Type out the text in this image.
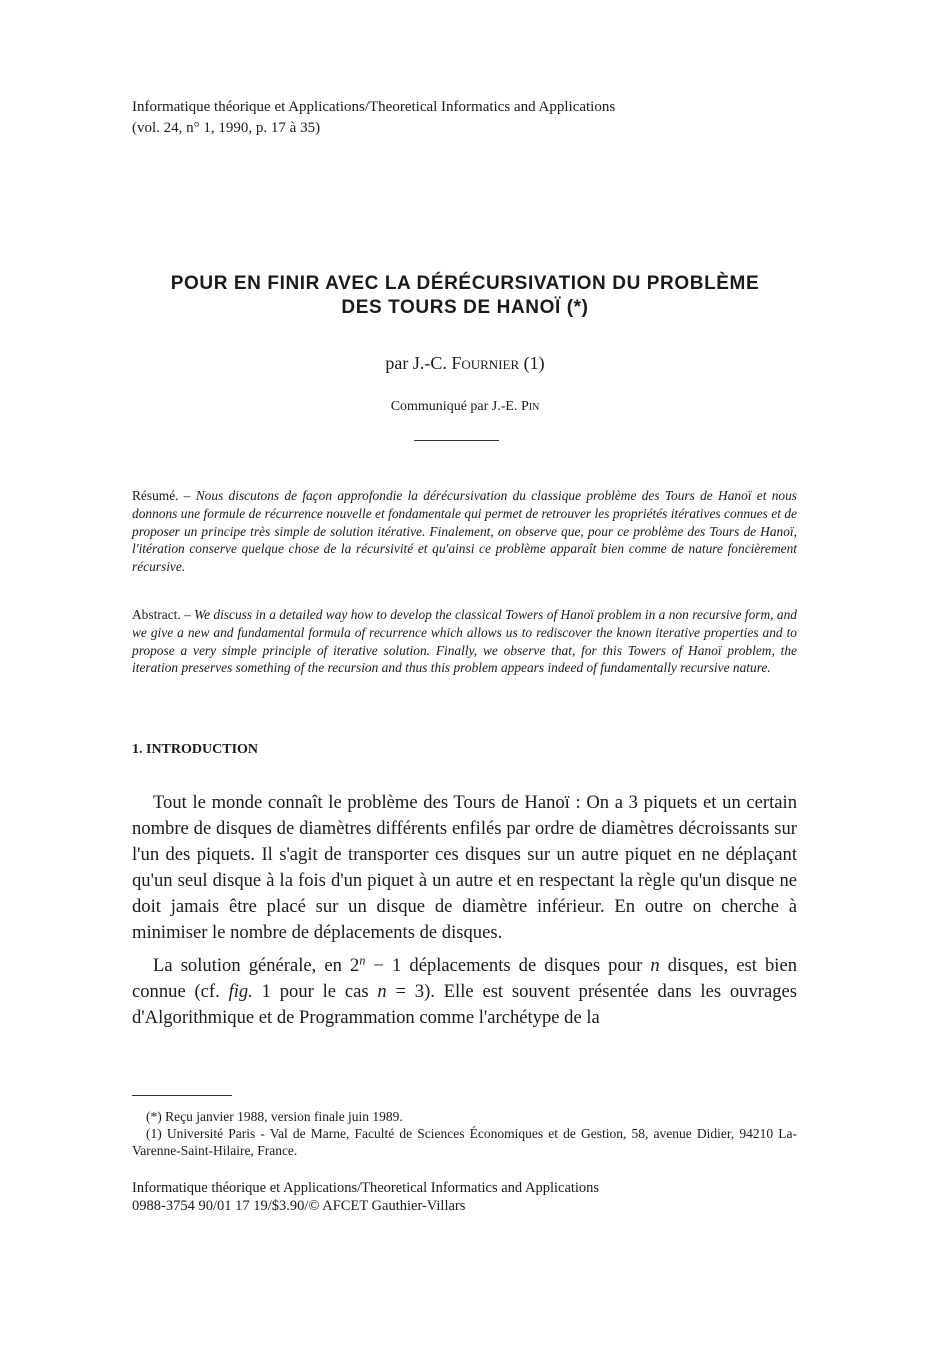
Informatique théorique et Applications/Theoretical Informatics and Applications
(vol. 24, n° 1, 1990, p. 17 à 35)
POUR EN FINIR AVEC LA DÉRÉCURSIVATION DU PROBLÈME
DES TOURS DE HANOÏ (*)
par J.-C. Fournier (1)
Communiqué par J.-E. Pin
Résumé. – Nous discutons de façon approfondie la dérécursivation du classique problème des Tours de Hanoï et nous donnons une formule de récurrence nouvelle et fondamentale qui permet de retrouver les propriétés itératives connues et de proposer un principe très simple de solution itérative. Finalement, on observe que, pour ce problème des Tours de Hanoï, l'itération conserve quelque chose de la récursivité et qu'ainsi ce problème apparaît bien comme de nature foncièrement récursive.
Abstract. – We discuss in a detailed way how to develop the classical Towers of Hanoï problem in a non recursive form, and we give a new and fundamental formula of recurrence which allows us to rediscover the known iterative properties and to propose a very simple principle of iterative solution. Finally, we observe that, for this Towers of Hanoï problem, the iteration preserves something of the recursion and thus this problem appears indeed of fundamentally recursive nature.
1. INTRODUCTION

Tout le monde connaît le problème des Tours de Hanoï : On a 3 piquets et un certain nombre de disques de diamètres différents enfilés par ordre de diamètres décroissants sur l'un des piquets. Il s'agit de transporter ces disques sur un autre piquet en ne déplaçant qu'un seul disque à la fois d'un piquet à un autre et en respectant la règle qu'un disque ne doit jamais être placé sur un disque de diamètre inférieur. En outre on cherche à minimiser le nombre de déplacements de disques.

La solution générale, en $2^n - 1$ déplacements de disques pour n disques, est bien connue (cf. fig. 1 pour le cas n = 3). Elle est souvent présentée dans les ouvrages d'Algorithmique et de Programmation comme l'archétype de la

(*) Reçu janvier 1988, version finale juin 1989.

(1) Université Paris - Val de Marne, Faculté de Sciences Économiques et de Gestion, 58, avenue Didier, 94210 La-Varenne-Saint-Hilaire, France.

Informatique théorique et Applications/Theoretical Informatics and Applications
0988-3754 90/01 17 19/$3.90/© AFCET Gauthier-Villars
